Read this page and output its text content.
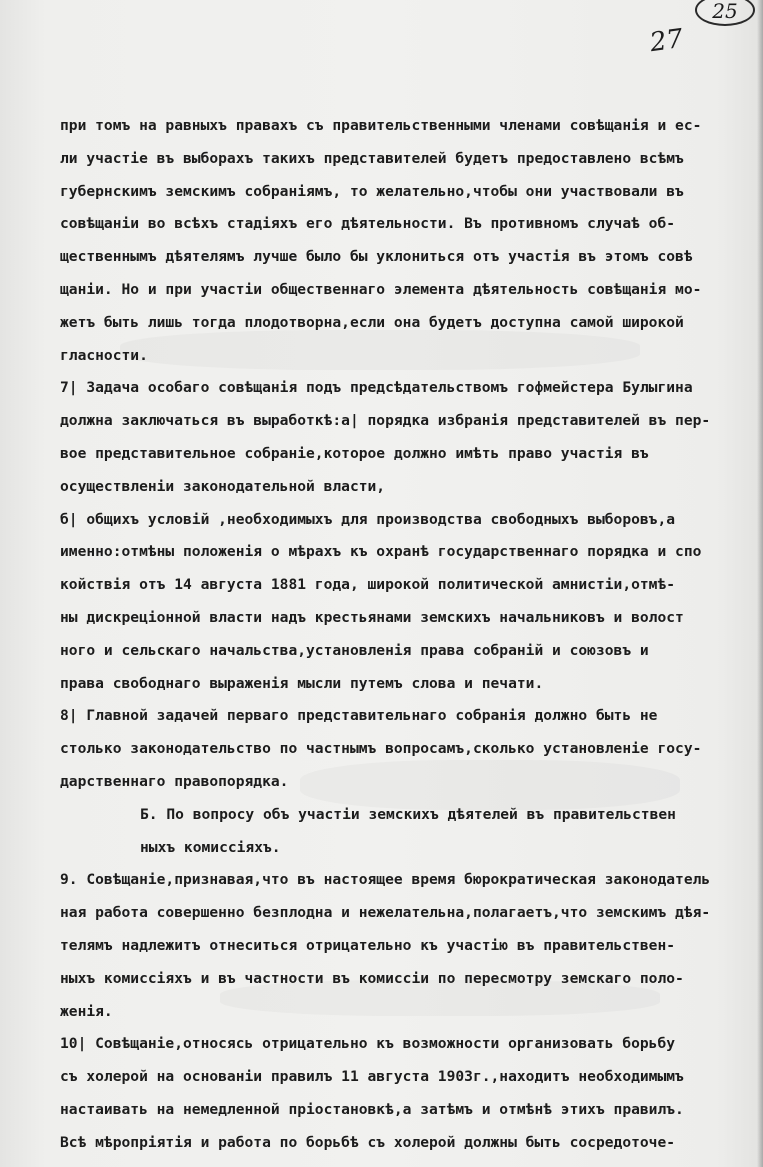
25
27
при томъ на равныхъ правахъ съ правительственными членами совѣщанія и ес-
ли участіе въ выборахъ такихъ представителей будетъ предоставлено всѣмъ
губернскимъ земскимъ собраніямъ, то желательно,чтобы они участвовали въ
совѣщаніи во всѣхъ стадіяхъ его дѣятельности. Въ противномъ случаѣ об-
щественнымъ дѣятелямъ лучше было бы уклониться отъ участія въ этомъ совѣ
щаніи. Но и при участіи общественнаго элемента дѣятельность совѣщанія мо-
жетъ быть лишь тогда плодотворна,если она будетъ доступна самой широкой
гласности.
7| Задача особаго совѣщанія подъ предсѣдательствомъ гофмейстера Булыгина
должна заключаться въ выработкѣ:а| порядка избранія представителей въ пер-
вое представительное собраніе,которое должно имѣть право участія въ
осуществленіи законодательной власти,
б| общихъ условій ,необходимыхъ для производства свободныхъ выборовъ,а
именно:отмѣны положенія о мѣрахъ къ охранѣ государственнаго порядка и спо
койствія отъ 14 августа 1881 года, широкой политической амнистіи,отмѣ-
ны дискреціонной власти надъ крестьянами земскихъ начальниковъ и волост
ного и сельскаго начальства,установленія права собраній и союзовъ и
права свободнаго выраженія мысли путемъ слова и печати.
8| Главной задачей перваго представительнаго собранія должно быть не
столько законодательство по частнымъ вопросамъ,сколько установленіе госу-
дарственнаго правопорядка.
Б. По вопросу объ участіи земскихъ дѣятелей въ правительствен
ныхъ комиссіяхъ.
9. Совѣщаніе,признавая,что въ настоящее время бюрократическая законодатель
ная работа совершенно безплодна и нежелательна,полагаетъ,что земскимъ дѣя-
телямъ надлежитъ отнеситься отрицательно къ участію въ правительствен-
ныхъ комиссіяхъ и въ частности въ комиссіи по пересмотру земскаго поло-
женія.
10| Совѣщаніе,относясь отрицательно къ возможности организовать борьбу
съ холерой на основаніи правилъ 11 августа 1903г.,находитъ необходимымъ
настаивать на немедленной пріостановкѣ,а затѣмъ и отмѣнѣ этихъ правилъ.
Всѣ мѣропріятія и работа по борьбѣ съ холерой должны быть сосредоточе-
